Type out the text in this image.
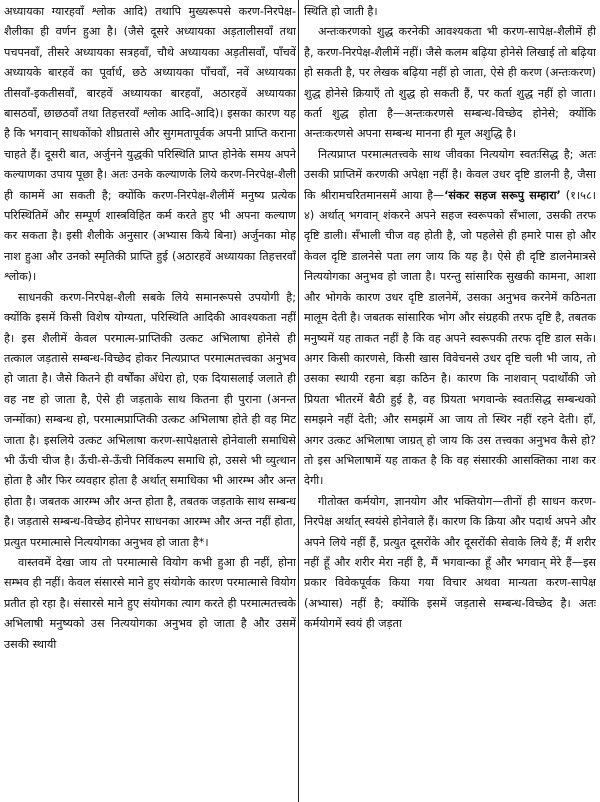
अध्यायका ग्यारहवाँ श्लोक आदि) तथापि मुख्यरूपसे करण-निरपेक्ष-शैलीका ही वर्णन हुआ है। (जैसे दूसरे अध्यायका अड़तालीसवाँ तथा पचपनवाँ, तीसरे अध्यायका सत्रहवाँ, चौथे अध्यायका अड़तीसवाँ, पाँचवें अध्यायके बारहवें का पूर्वार्ध, छठे अध्यायका पाँचवाँ, नवें अध्यायका तीसवाँ-इकतीसवाँ, बारहवें अध्यायका बारहवाँ, अठारहवें अध्यायका बासठवाँ, छाछठवाँ तथा तिहत्तरवाँ श्लोक आदि-आदि)। इसका कारण यह है कि भगवान् साधकोंको शीघ्रतासे और सुगमतापूर्वक अपनी प्राप्ति कराना चाहते हैं। दूसरी बात, अर्जुनने युद्धकी परिस्थिति प्राप्त होनेके समय अपने कल्याणका उपाय पूछा है। अतः उनके कल्याणके लिये करण-निरपेक्ष-शैली ही काममें आ सकती है; क्योंकि करण-निरपेक्ष-शैलीमें मनुष्य प्रत्येक परिस्थितिमें और सम्पूर्ण शास्त्रविहित कर्म करते हुए भी अपना कल्याण कर सकता है। इसी शैलीके अनुसार (अभ्यास किये बिना) अर्जुनका मोह नाश हुआ और उनको स्मृतिकी प्राप्ति हुई (अठारहवें अध्यायका तिहत्तरवाँ श्लोक)।

साधनकी करण-निरपेक्ष-शैली सबके लिये समानरूपसे उपयोगी है; क्योंकि इसमें किसी विशेष योग्यता, परिस्थिति आदिकी आवश्यकता नहीं है। इस शैलीमें केवल परमात्म-प्राप्तिकी उत्कट अभिलाषा होनेसे ही तत्काल जड़तासे सम्बन्ध-विच्छेद होकर नित्यप्राप्त परमात्मतत्त्वका अनुभव हो जाता है। जैसे कितने ही वर्षोंका अँधेरा हो, एक दियासलाई जलाते ही वह नष्ट हो जाता है, ऐसे ही जड़ताके साथ कितना ही पुराना (अनन्त जन्मोंका) सम्बन्ध हो, परमात्मप्राप्तिकी उत्कट अभिलाषा होते ही वह मिट जाता है। इसलिये उत्कट अभिलाषा करण-सापेक्षतासे होनेवाली समाधिसे भी ऊँची चीज है। ऊँची-से-ऊँची निर्विकल्प समाधि हो, उससे भी व्युत्थान होता है और फिर व्यवहार होता है अर्थात् समाधिका भी आरम्भ और अन्त होता है। जबतक आरम्भ और अन्त होता है, तबतक जड़ताके साथ सम्बन्ध है। जड़तासे सम्बन्ध-विच्छेद होनेपर साधनका आरम्भ और अन्त नहीं होता, प्रत्युत परमात्मासे नित्ययोगका अनुभव हो जाता है*।

वास्तवमें देखा जाय तो परमात्मासे वियोग कभी हुआ ही नहीं, होना सम्भव ही नहीं। केवल संसारसे माने हुए संयोगके कारण परमात्मासे वियोग प्रतीत हो रहा है। संसारसे माने हुए संयोगका त्याग करते ही परमात्मतत्त्वके अभिलाषी मनुष्यको उस नित्ययोगका अनुभव हो जाता है और उसमें उसकी स्थायी

स्थिति हो जाती है।

अन्तःकरणको शुद्ध करनेकी आवश्यकता भी करण-सापेक्ष-शैलीमें ही है, करण-निरपेक्ष-शैलीमें नहीं। जैसे कलम बढ़िया होनेसे लिखाई तो बढ़िया हो सकती है, पर लेखक बढ़िया नहीं हो जाता, ऐसे ही करण (अन्तःकरण) शुद्ध होनेसे क्रियाएँ तो शुद्ध हो सकती हैं, पर कर्ता शुद्ध नहीं हो जाता। कर्ता शुद्ध होता है—अन्तःकरणसे सम्बन्ध-विच्छेद होनेसे; क्योंकि अन्तःकरणसे अपना सम्बन्ध मानना ही मूल अशुद्धि है।

नित्यप्राप्त परमात्मतत्त्वके साथ जीवका नित्ययोग स्वतःसिद्ध है; अतः उसकी प्राप्तिमें करणकी अपेक्षा नहीं है। केवल उधर दृष्टि डालनी है, जैसा कि श्रीरामचरितमानसमें आया है—‘संकर सहज सरूपु सम्हारा’ (१।५८।४) अर्थात् भगवान् शंकरने अपने सहज स्वरूपको सँभाला, उसकी तरफ दृष्टि डाली। सँभाली चीज वह होती है, जो पहलेसे ही हमारे पास हो और केवल दृष्टि डालनेसे पता लग जाय कि यह है। ऐसे ही दृष्टि डालनेमात्रसे नित्ययोगका अनुभव हो जाता है। परन्तु सांसारिक सुखकी कामना, आशा और भोगके कारण उधर दृष्टि डालनेमें, उसका अनुभव करनेमें कठिनता मालूम देती है। जबतक सांसारिक भोग और संग्रहकी तरफ दृष्टि है, तबतक मनुष्यमें यह ताकत नहीं है कि वह अपने स्वरूपकी तरफ दृष्टि डाल सके। अगर किसी कारणसे, किसी खास विवेचनसे उधर दृष्टि चली भी जाय, तो उसका स्थायी रहना बड़ा कठिन है। कारण कि नाशवान् पदार्थोंकी जो प्रियता भीतरमें बैठी हुई है, वह प्रियता भगवान्के स्वतःसिद्ध सम्बन्धको समझने नहीं देती; और समझमें आ जाय तो स्थिर नहीं रहने देती। हाँ, अगर उत्कट अभिलाषा जाग्रत् हो जाय कि उस तत्त्वका अनुभव कैसे हो? तो इस अभिलाषामें यह ताकत है कि वह संसारकी आसक्तिका नाश कर देगी।

गीतोक्त कर्मयोग, ज्ञानयोग और भक्तियोग—तीनों ही साधन करण-निरपेक्ष अर्थात् स्वयंसे होनेवाले हैं। कारण कि क्रिया और पदार्थ अपने और अपने लिये नहीं हैं, प्रत्युत दूसरोंके और दूसरोंकी सेवाके लिये हैं; मैं शरीर नहीं हूँ और शरीर मेरा नहीं है, मैं भगवान्का हूँ और भगवान् मेरे हैं—इस प्रकार विवेकपूर्वक किया गया विचार अथवा मान्यता करण-सापेक्ष (अभ्यास) नहीं है; क्योंकि इसमें जड़तासे सम्बन्ध-विच्छेद है। अतः कर्मयोगमें स्वयं ही जड़ता
